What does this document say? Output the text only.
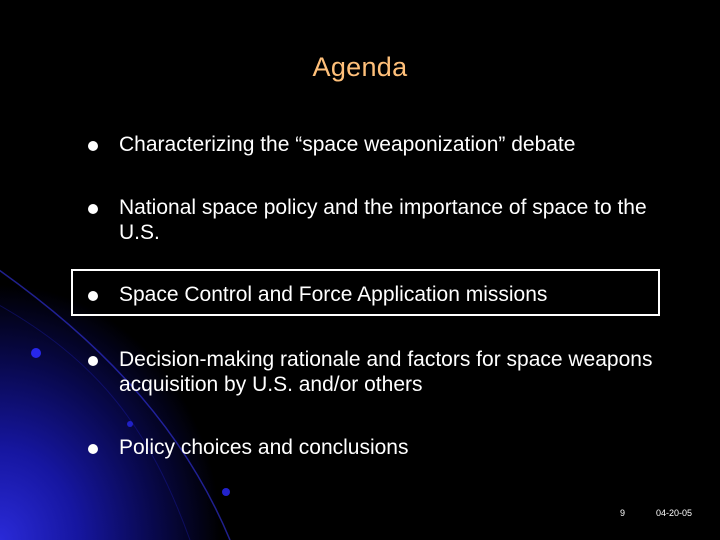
Agenda
Characterizing the “space weaponization” debate
National space policy and the importance of space to the U.S.
Space Control and Force Application missions
Decision-making rationale and factors for space weapons acquisition by U.S. and/or others
Policy choices and conclusions
9	04-20-05
